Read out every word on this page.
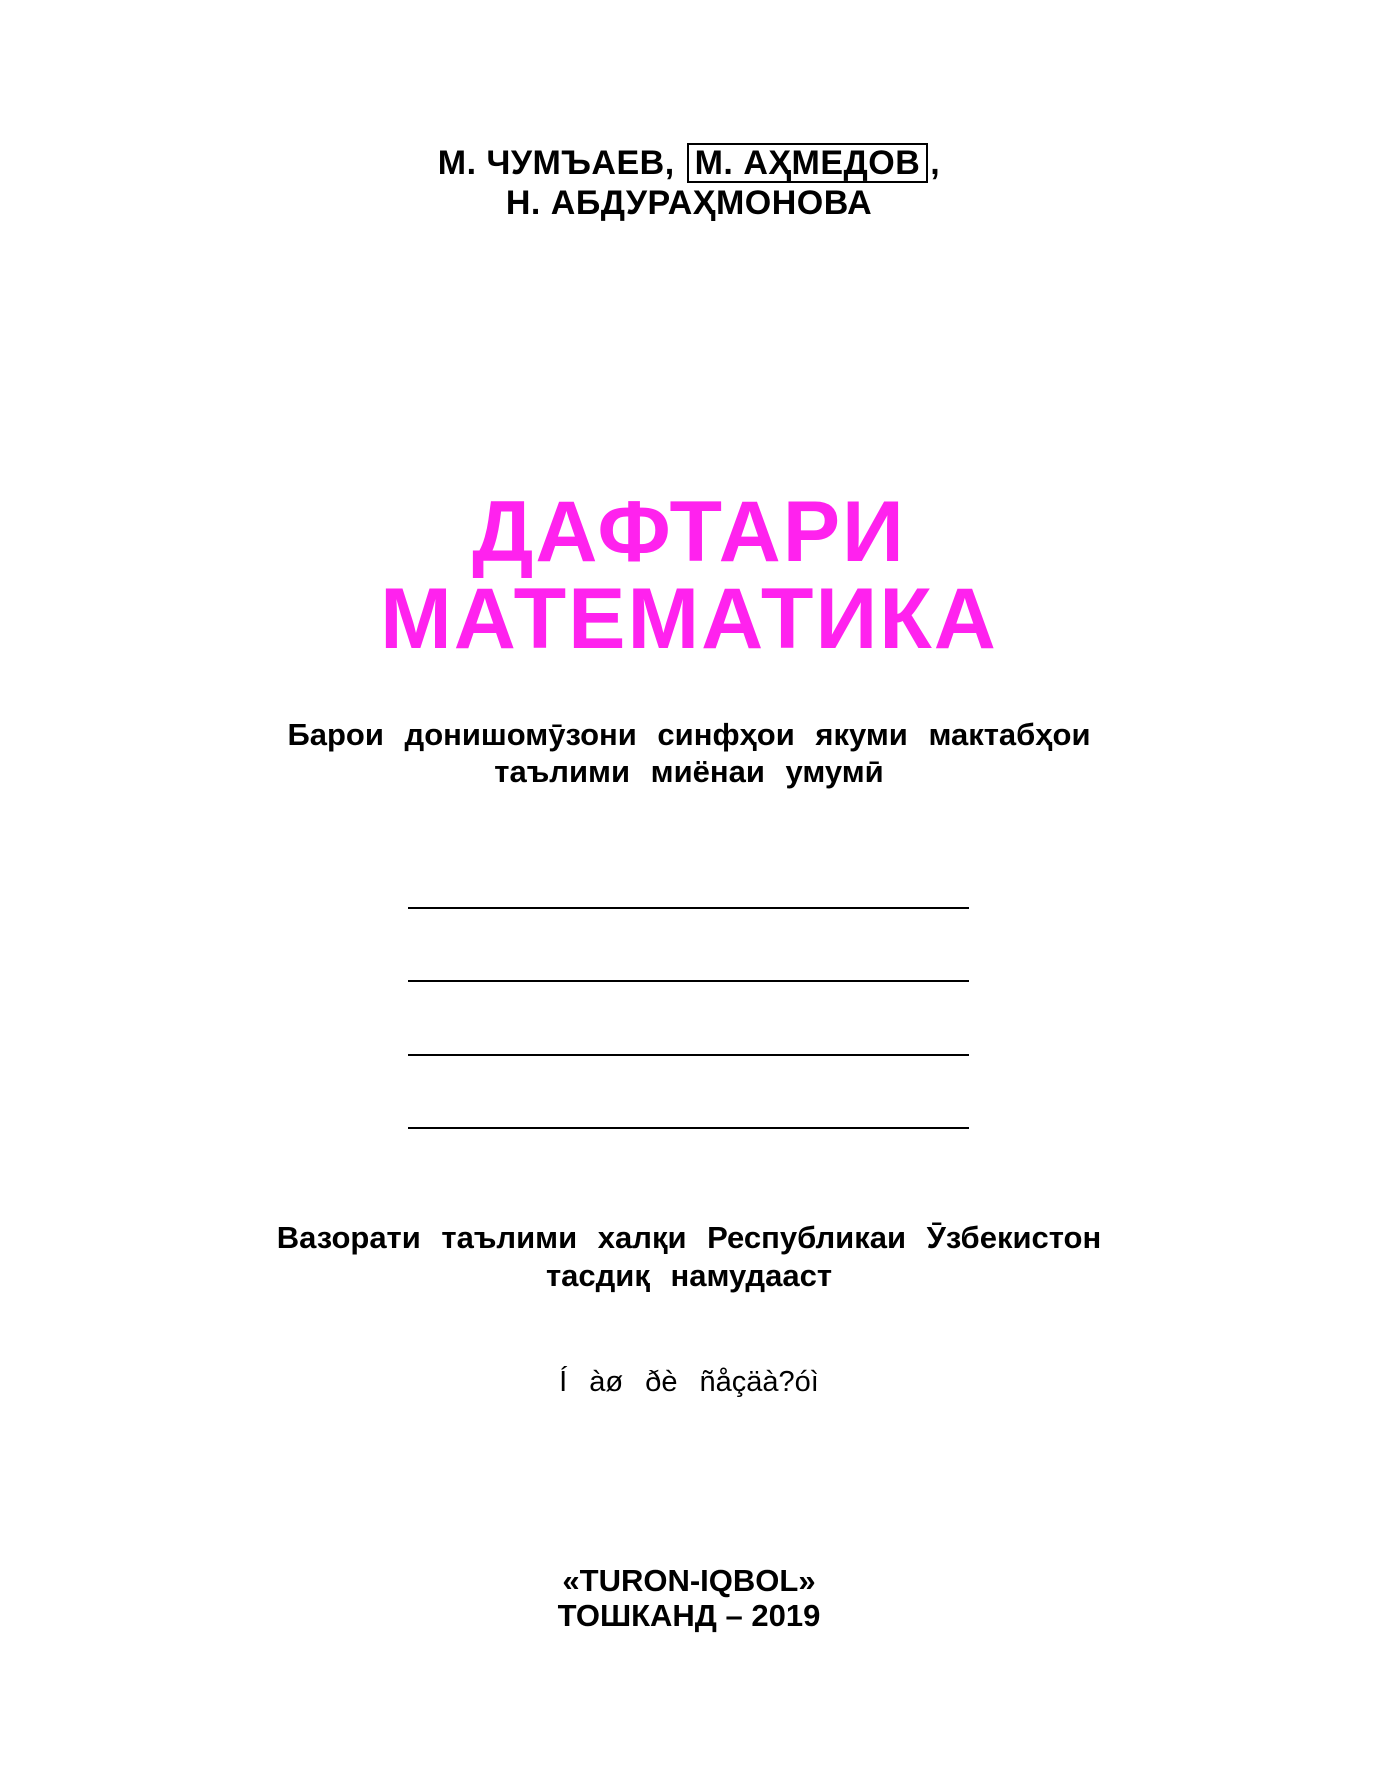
М. ЧУМЪАЕВ, М. АҲМЕДОВ ,
Н. АБДУРАҲМОНОВА
ДАФТАРИ
МАТЕМАТИКА
Барои донишомӯзони синфҳои якуми мактабҳои
таълими миёнаи умумӣ
Вазорати таълими халқи Республикаи Ӯзбекистон
тасдиқ намудааст
Í àø ðè ñåçäà?óì
«TURON-IQBOL»
ТОШКАНД – 2019
